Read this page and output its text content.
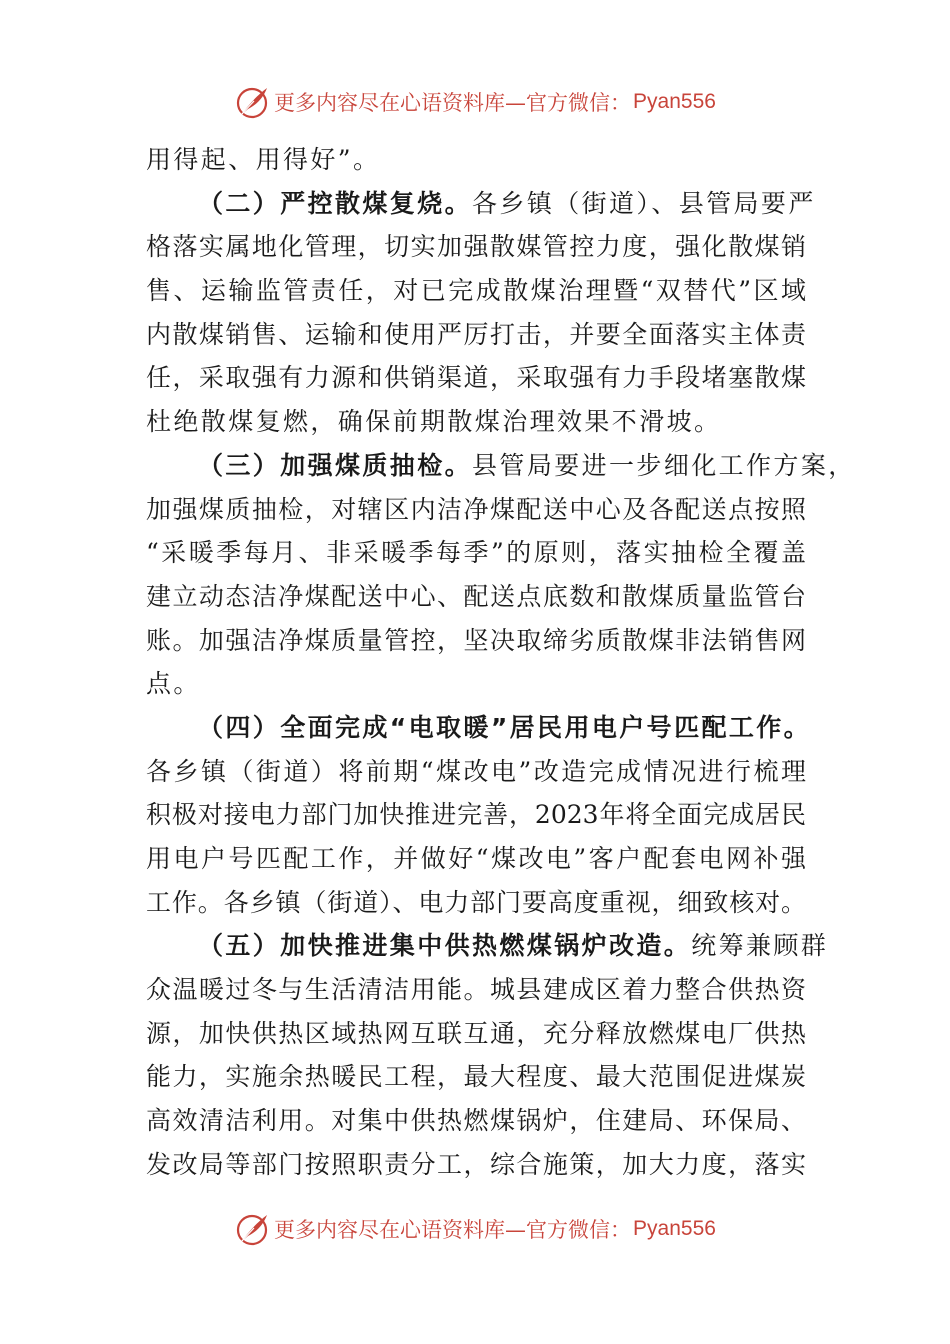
更多内容尽在心语资料库—官方微信： Pyan556
用得起、用得好”。
（二）严控散煤复烧。各乡镇（街道）、县管局要严
格落实属地化管理，切实加强散媒管控力度，强化散煤销
售、运输监管责任，对已完成散煤治理暨“双替代”区域
内散煤销售、运输和使用严厉打击，并要全面落实主体责
任，采取强有力源和供销渠道，采取强有力手段堵塞散煤
杜绝散煤复燃，确保前期散煤治理效果不滑坡。
（三）加强煤质抽检。县管局要进一步细化工作方案，
加强煤质抽检，对辖区内洁净煤配送中心及各配送点按照
“采暖季每月、非采暖季每季”的原则，落实抽检全覆盖
建立动态洁净煤配送中心、配送点底数和散煤质量监管台
账。加强洁净煤质量管控，坚决取缔劣质散煤非法销售网
点。
（四）全面完成“电取暖”居民用电户号匹配工作。
各乡镇（街道）将前期“煤改电”改造完成情况进行梳理
积极对接电力部门加快推进完善，2023年将全面完成居民
用电户号匹配工作，并做好“煤改电”客户配套电网补强
工作。各乡镇（街道）、电力部门要高度重视，细致核对。
（五）加快推进集中供热燃煤锅炉改造。统筹兼顾群
众温暖过冬与生活清洁用能。城县建成区着力整合供热资
源，加快供热区域热网互联互通，充分释放燃煤电厂供热
能力，实施余热暖民工程，最大程度、最大范围促进煤炭
高效清洁利用。对集中供热燃煤锅炉，住建局、环保局、
发改局等部门按照职责分工，综合施策，加大力度，落实
更多内容尽在心语资料库—官方微信： Pyan556
